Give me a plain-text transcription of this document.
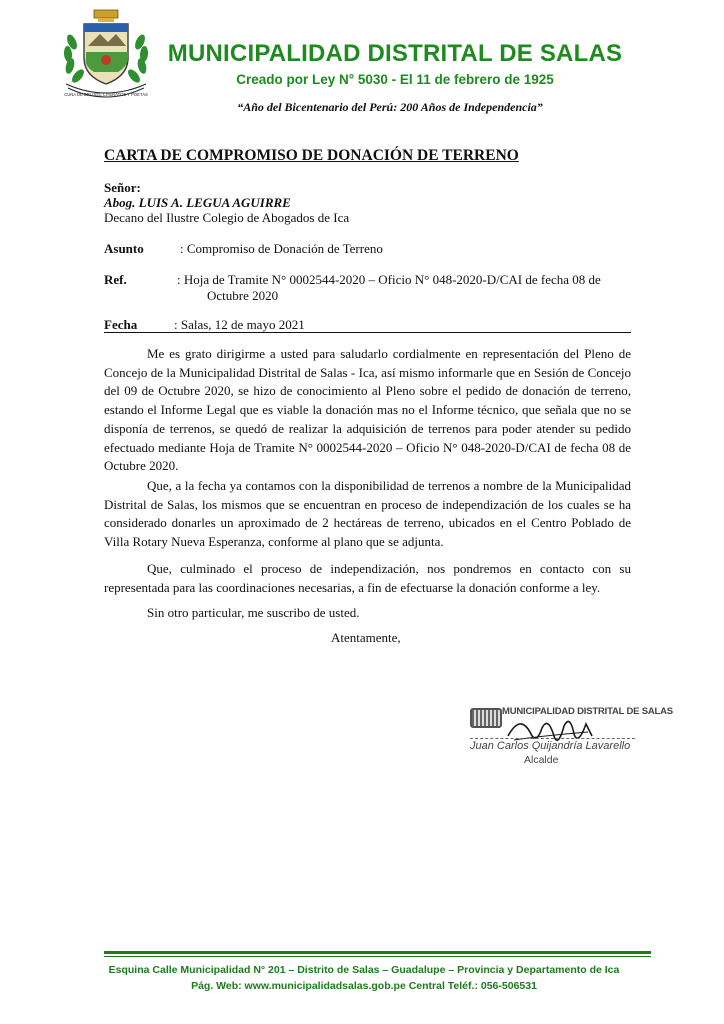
CUNA DE BRUJOS, LITERATOS Y POETAS
MUNICIPALIDAD DISTRITAL DE SALAS
Creado por Ley N° 5030 - El 11 de febrero de 1925
“Año del Bicentenario del Perú: 200 Años de Independencia”
CARTA DE COMPROMISO DE DONACIÓN DE TERRENO
Señor:
Abog. LUIS A. LEGUA AGUIRRE
Decano del Ilustre Colegio de Abogados de Ica
Asunto	: Compromiso de Donación de Terreno
Ref.	: Hoja de Tramite N° 0002544-2020 – Oficio N° 048-2020-D/CAI de fecha 08 de
Octubre 2020
Fecha	: Salas, 12 de mayo 2021
Me es grato dirigirme a usted para saludarlo cordialmente en representación del Pleno de Concejo de la Municipalidad Distrital de Salas - Ica, así mismo informarle que en Sesión de Concejo del 09 de Octubre 2020, se hizo de conocimiento al Pleno sobre el pedido de donación de terreno, estando el Informe Legal que es viable la donación mas no el Informe técnico, que señala que no se disponía de terrenos, se quedó de realizar la adquisición de terrenos para poder atender su pedido efectuado mediante Hoja de Tramite N° 0002544-2020 – Oficio N° 048-2020-D/CAI de fecha 08 de Octubre 2020.
Que, a la fecha ya contamos con la disponibilidad de terrenos a nombre de la Municipalidad Distrital de Salas, los mismos que se encuentran en proceso de independización de los cuales se ha considerado donarles un aproximado de 2 hectáreas de terreno, ubicados en el Centro Poblado de Villa Rotary Nueva Esperanza, conforme al plano que se adjunta.
Que, culminado el proceso de independización, nos pondremos en contacto con su representada para las coordinaciones necesarias, a fin de efectuarse la donación conforme a ley.
Sin otro particular, me suscribo de usted.
Atentamente,
MUNICIPALIDAD DISTRITAL DE SALAS
Juan Carlos Quijandría Lavarello
Alcalde
Esquina Calle Municipalidad N° 201 – Distrito de Salas – Guadalupe – Provincia y Departamento de Ica
Pág. Web: www.municipalidadsalas.gob.pe Central Teléf.: 056-506531
